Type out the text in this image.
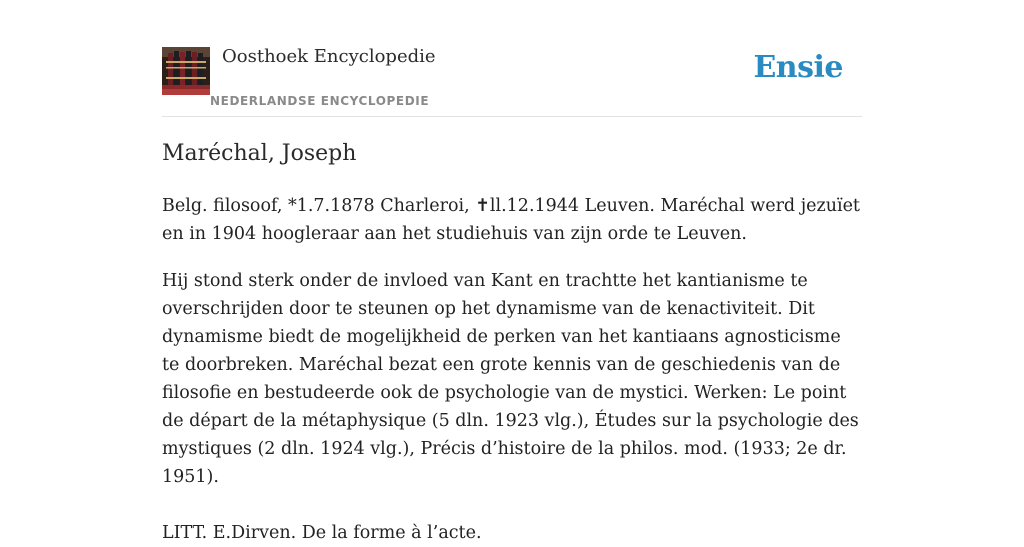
Oosthoek Encyclopedie
NEDERLANDSE ENCYCLOPEDIE
Ensie
Maréchal, Joseph

Belg. filosoof, *1.7.1878 Charleroi, ✝ll.12.1944 Leuven. Maréchal werd jezuïet en in 1904 hoogleraar aan het studiehuis van zijn orde te Leuven.

Hij stond sterk onder de invloed van Kant en trachtte het kantianisme te overschrijden door te steunen op het dynamisme van de kenactiviteit. Dit dynamisme biedt de mogelijkheid de perken van het kantiaans agnosticisme te doorbreken. Maréchal bezat een grote kennis van de geschiedenis van de filosofie en bestudeerde ook de psychologie van de mystici. Werken: Le point de départ de la métaphysique (5 dln. 1923 vlg.), Études sur la psychologie des mystiques (2 dln. 1924 vlg.), Précis d’histoire de la philos. mod. (1933; 2e dr. 1951).

LITT. E.Dirven. De la forme à l’acte.
